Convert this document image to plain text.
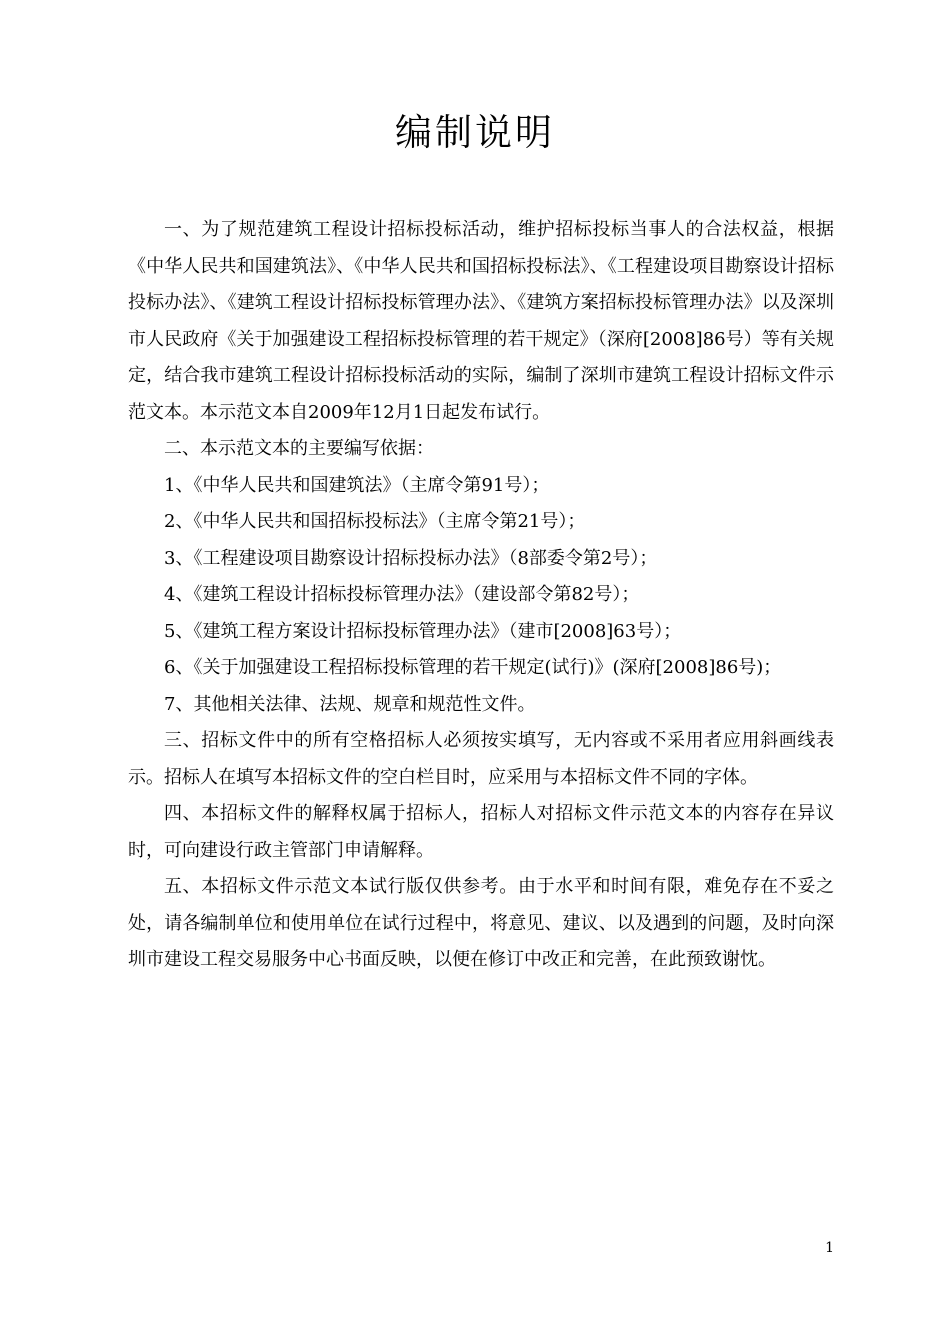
编制说明

一、为了规范建筑工程设计招标投标活动，维护招标投标当事人的合法权益，根据《中华人民共和国建筑法》、《中华人民共和国招标投标法》、《工程建设项目勘察设计招标投标办法》、《建筑工程设计招标投标管理办法》、《建筑方案招标投标管理办法》以及深圳市人民政府《关于加强建设工程招标投标管理的若干规定》（深府[2008]86号）等有关规定，结合我市建筑工程设计招标投标活动的实际，编制了深圳市建筑工程设计招标文件示范文本。本示范文本自2009年12月1日起发布试行。

二、本示范文本的主要编写依据：

1、《中华人民共和国建筑法》（主席令第91号）；

2、《中华人民共和国招标投标法》（主席令第21号）；

3、《工程建设项目勘察设计招标投标办法》（8部委令第2号）；

4、《建筑工程设计招标投标管理办法》（建设部令第82号）；

5、《建筑工程方案设计招标投标管理办法》（建市[2008]63号）；

6、《关于加强建设工程招标投标管理的若干规定(试行)》(深府[2008]86号)；

7、其他相关法律、法规、规章和规范性文件。

三、招标文件中的所有空格招标人必须按实填写，无内容或不采用者应用斜画线表示。招标人在填写本招标文件的空白栏目时，应采用与本招标文件不同的字体。

四、本招标文件的解释权属于招标人，招标人对招标文件示范文本的内容存在异议时，可向建设行政主管部门申请解释。

五、本招标文件示范文本试行版仅供参考。由于水平和时间有限，难免存在不妥之处，请各编制单位和使用单位在试行过程中，将意见、建议、以及遇到的问题，及时向深圳市建设工程交易服务中心书面反映，以便在修订中改正和完善，在此预致谢忱。

1
